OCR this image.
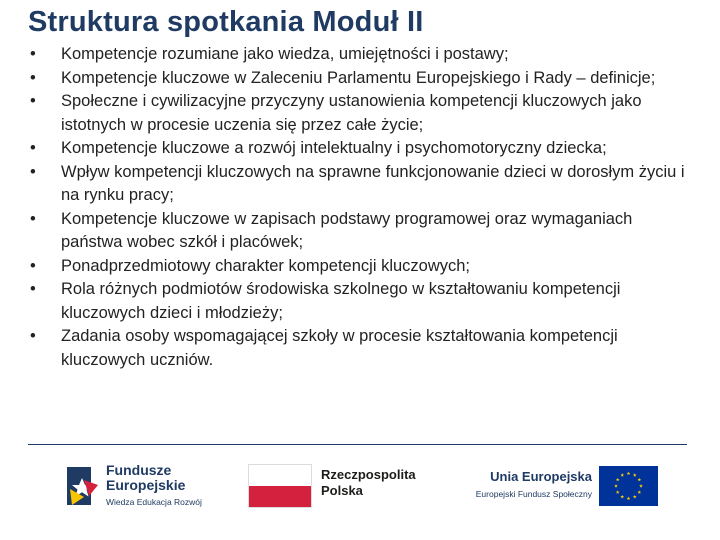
Struktura spotkania Moduł II
• Kompetencje rozumiane jako wiedza, umiejętności i postawy;
• Kompetencje kluczowe w Zaleceniu Parlamentu Europejskiego i Rady – definicje;
• Społeczne i cywilizacyjne przyczyny ustanowienia kompetencji kluczowych jako istotnych w procesie uczenia się przez całe życie;
• Kompetencje kluczowe a rozwój intelektualny i psychomotoryczny dziecka;
• Wpływ kompetencji kluczowych na sprawne funkcjonowanie dzieci w dorosłym życiu i na rynku pracy;
• Kompetencje kluczowe w zapisach podstawy programowej oraz wymaganiach państwa wobec szkół i placówek;
• Ponadprzedmiotowy charakter kompetencji kluczowych;
• Rola różnych podmiotów środowiska szkolnego w kształtowaniu kompetencji kluczowych dzieci i młodzieży;
• Zadania osoby wspomagającej szkoły w procesie kształtowania kompetencji kluczowych uczniów.
Fundusze
Europejskie
Wiedza Edukacja Rozwój
Rzeczpospolita
Polska
Unia Europejska
Europejski Fundusz Społeczny
